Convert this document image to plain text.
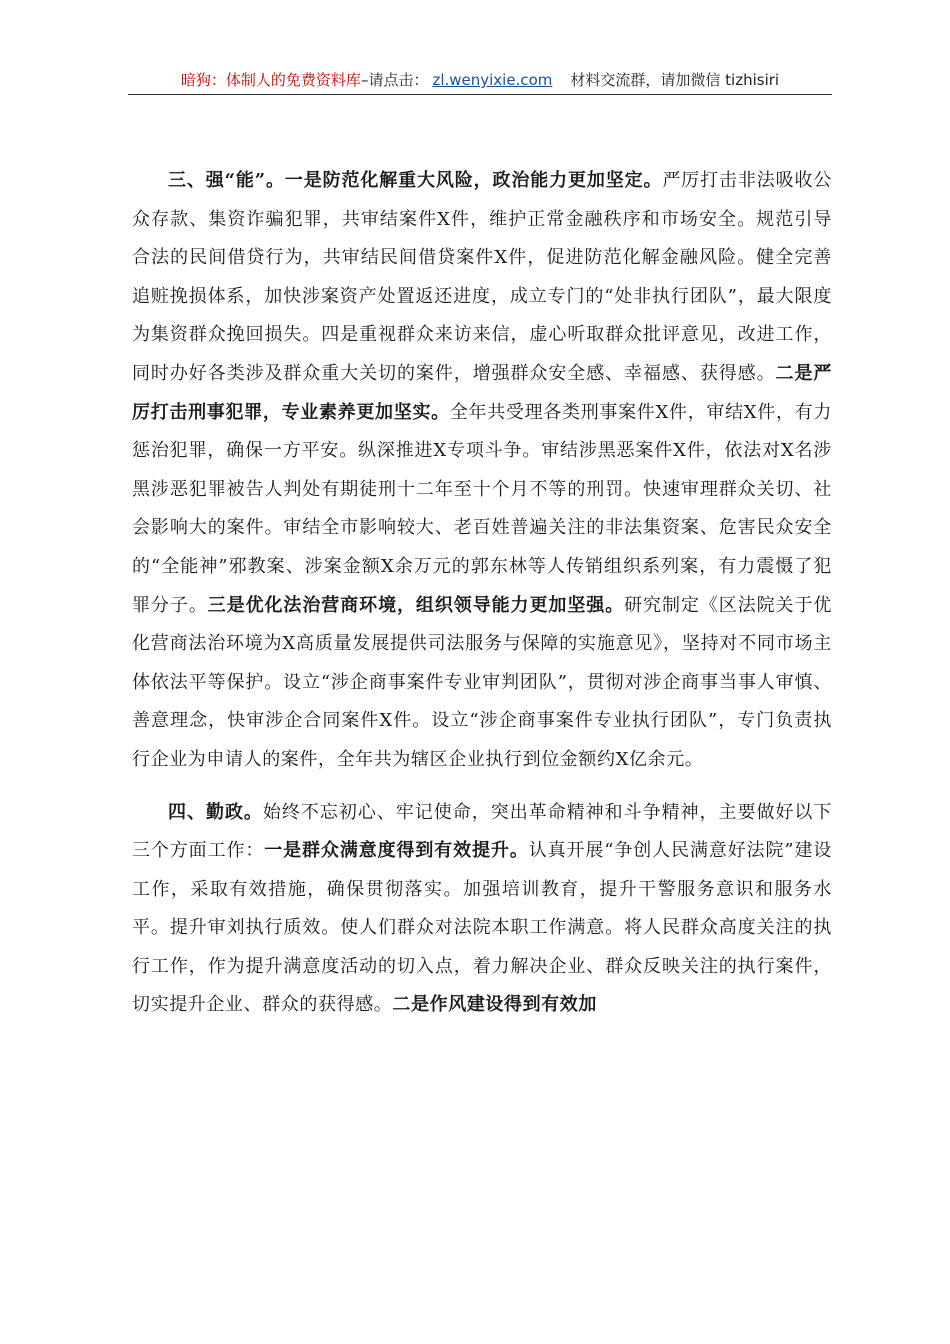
暗狗：体制人的免费资料库–请点击： zl.wenyixie.com 材料交流群，请加微信 tizhisiri

三、强“能”。一是防范化解重大风险，政治能力更加坚定。严厉打击非法吸收公众存款、集资诈骗犯罪，共审结案件X件，维护正常金融秩序和市场安全。规范引导合法的民间借贷行为，共审结民间借贷案件X件，促进防范化解金融风险。健全完善追赃挽损体系，加快涉案资产处置返还进度，成立专门的“处非执行团队”，最大限度为集资群众挽回损失。四是重视群众来访来信，虚心听取群众批评意见，改进工作，同时办好各类涉及群众重大关切的案件，增强群众安全感、幸福感、获得感。二是严厉打击刑事犯罪，专业素养更加坚实。全年共受理各类刑事案件X件，审结X件，有力惩治犯罪，确保一方平安。纵深推进X专项斗争。审结涉黑恶案件X件，依法对X名涉黑涉恶犯罪被告人判处有期徒刑十二年至十个月不等的刑罚。快速审理群众关切、社会影响大的案件。审结全市影响较大、老百姓普遍关注的非法集资案、危害民众安全的“全能神”邪教案、涉案金额X余万元的郭东林等人传销组织系列案，有力震慑了犯罪分子。三是优化法治营商环境，组织领导能力更加坚强。研究制定《区法院关于优化营商法治环境为X高质量发展提供司法服务与保障的实施意见》，坚持对不同市场主体依法平等保护。设立“涉企商事案件专业审判团队”，贯彻对涉企商事当事人审慎、善意理念，快审涉企合同案件X件。设立“涉企商事案件专业执行团队”，专门负责执行企业为申请人的案件，全年共为辖区企业执行到位金额约X亿余元。

四、勤政。始终不忘初心、牢记使命，突出革命精神和斗争精神，主要做好以下三个方面工作：一是群众满意度得到有效提升。认真开展“争创人民满意好法院”建设工作，采取有效措施，确保贯彻落实。加强培训教育，提升干警服务意识和服务水平。提升审刘执行质效。使人们群众对法院本职工作满意。将人民群众高度关注的执行工作，作为提升满意度活动的切入点，着力解决企业、群众反映关注的执行案件，切实提升企业、群众的获得感。二是作风建设得到有效加
